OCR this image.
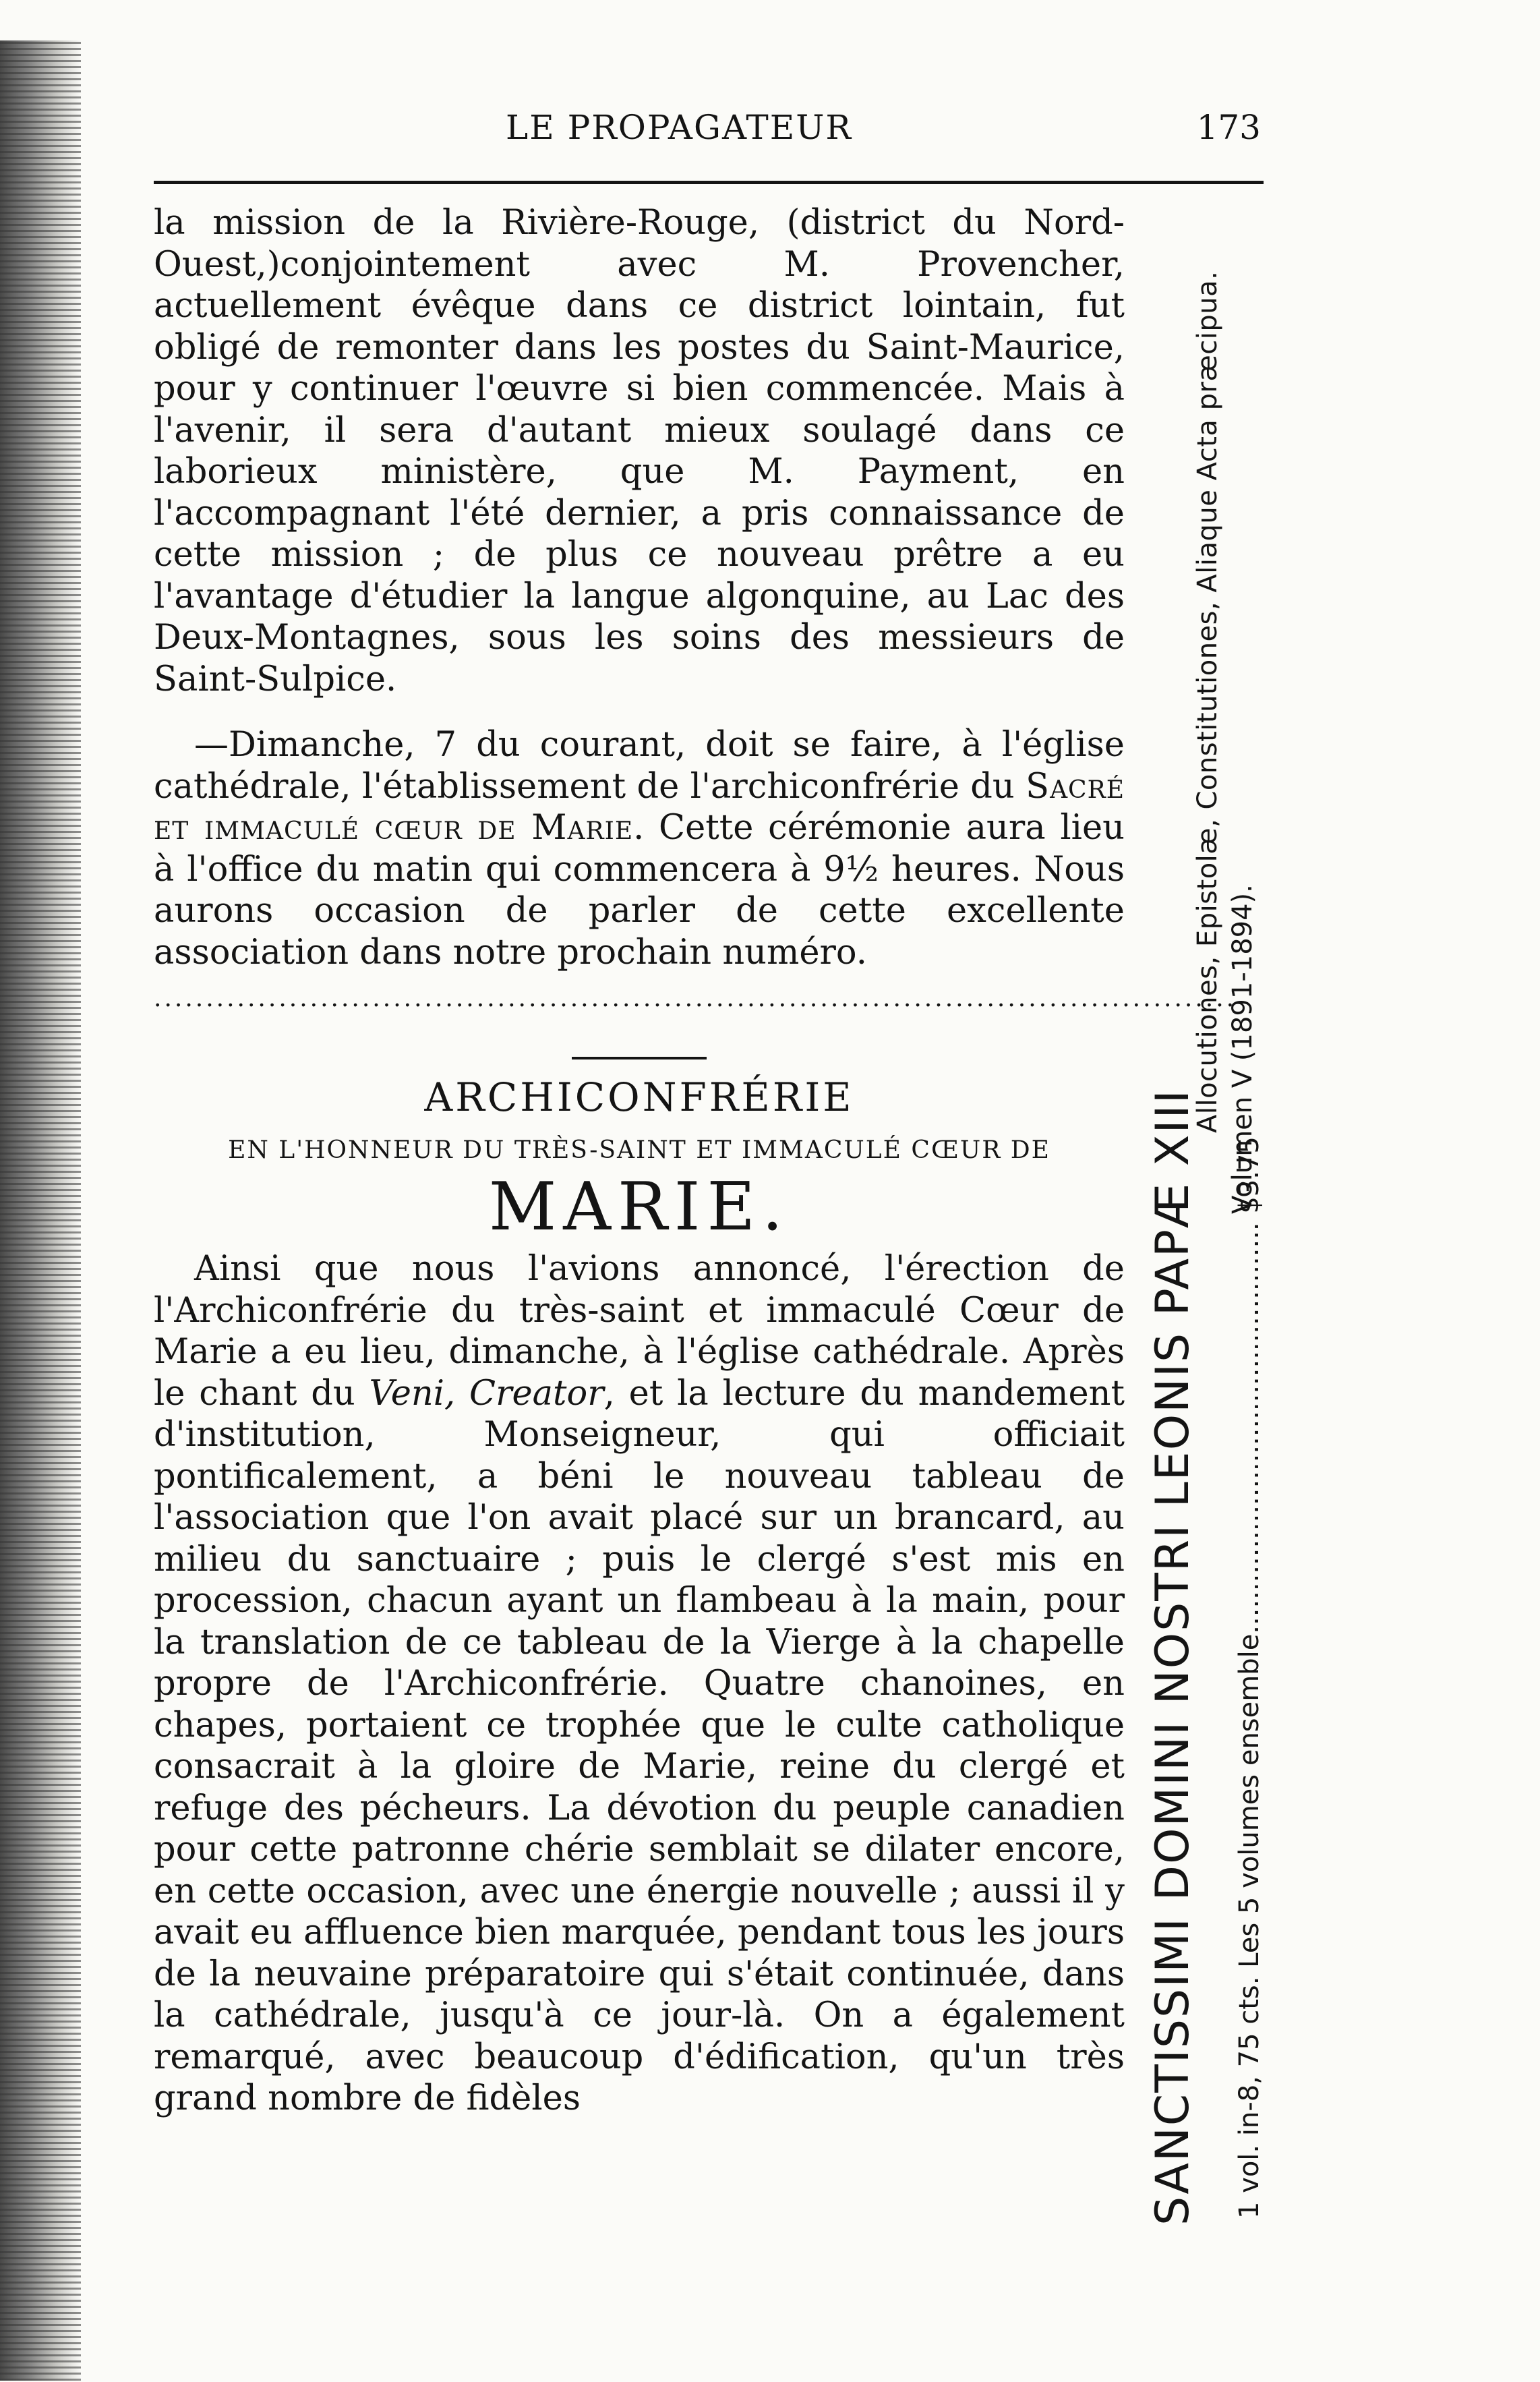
LE PROPAGATEUR	173

la mission de la Rivière-Rouge, (district du Nord-Ouest,)conjointement avec M. Provencher, actuellement évêque dans ce district lointain, fut obligé de remonter dans les postes du Saint-Maurice, pour y continuer l'œuvre si bien commencée. Mais à l'avenir, il sera d'autant mieux soulagé dans ce laborieux ministère, que M. Payment, en l'accompagnant l'été dernier, a pris connaissance de cette mission ; de plus ce nouveau prêtre a eu l'avantage d'étudier la langue algonquine, au Lac des Deux-Montagnes, sous les soins des messieurs de Saint-Sulpice.

—Dimanche, 7 du courant, doit se faire, à l'église cathédrale, l'établissement de l'archiconfrérie du Sacré et immaculé cœur de Marie. Cette cérémonie aura lieu à l'office du matin qui commencera à 9½ heures. Nous aurons occasion de parler de cette excellente association dans notre prochain numéro.

........................................................................................................
ARCHICONFRÉRIE
EN L'HONNEUR DU TRÈS-SAINT ET IMMACULÉ CŒUR DE
MARIE.

Ainsi que nous l'avions annoncé, l'érection de l'Archiconfrérie du très-saint et immaculé Cœur de Marie a eu lieu, dimanche, à l'église cathédrale. Après le chant du Veni, Creator, et la lecture du mandement d'institution, Monseigneur, qui officiait pontificalement, a béni le nouveau tableau de l'association que l'on avait placé sur un brancard, au milieu du sanctuaire ; puis le clergé s'est mis en procession, chacun ayant un flambeau à la main, pour la translation de ce tableau de la Vierge à la chapelle propre de l'Archiconfrérie. Quatre chanoines, en chapes, portaient ce trophée que le culte catholique consacrait à la gloire de Marie, reine du clergé et refuge des pécheurs. La dévotion du peuple canadien pour cette patronne chérie semblait se dilater encore, en cette occasion, avec une énergie nouvelle ; aussi il y avait eu affluence bien marquée, pendant tous les jours de la neuvaine préparatoire qui s'était continuée, dans la cathédrale, jusqu'à ce jour-là. On a également remarqué, avec beaucoup d'édification, qu'un très grand nombre de fidèles	SANCTISSIMI DOMINI NOSTRI LEONIS PAPÆ XIII
Allocutiones, Epistolæ, Constitutiones, Aliaque Acta præcipua. Volumen V (1891-1894).
1 vol. in-8, 75 cts. Les 5 volumes ensemble................................................ $3.75
